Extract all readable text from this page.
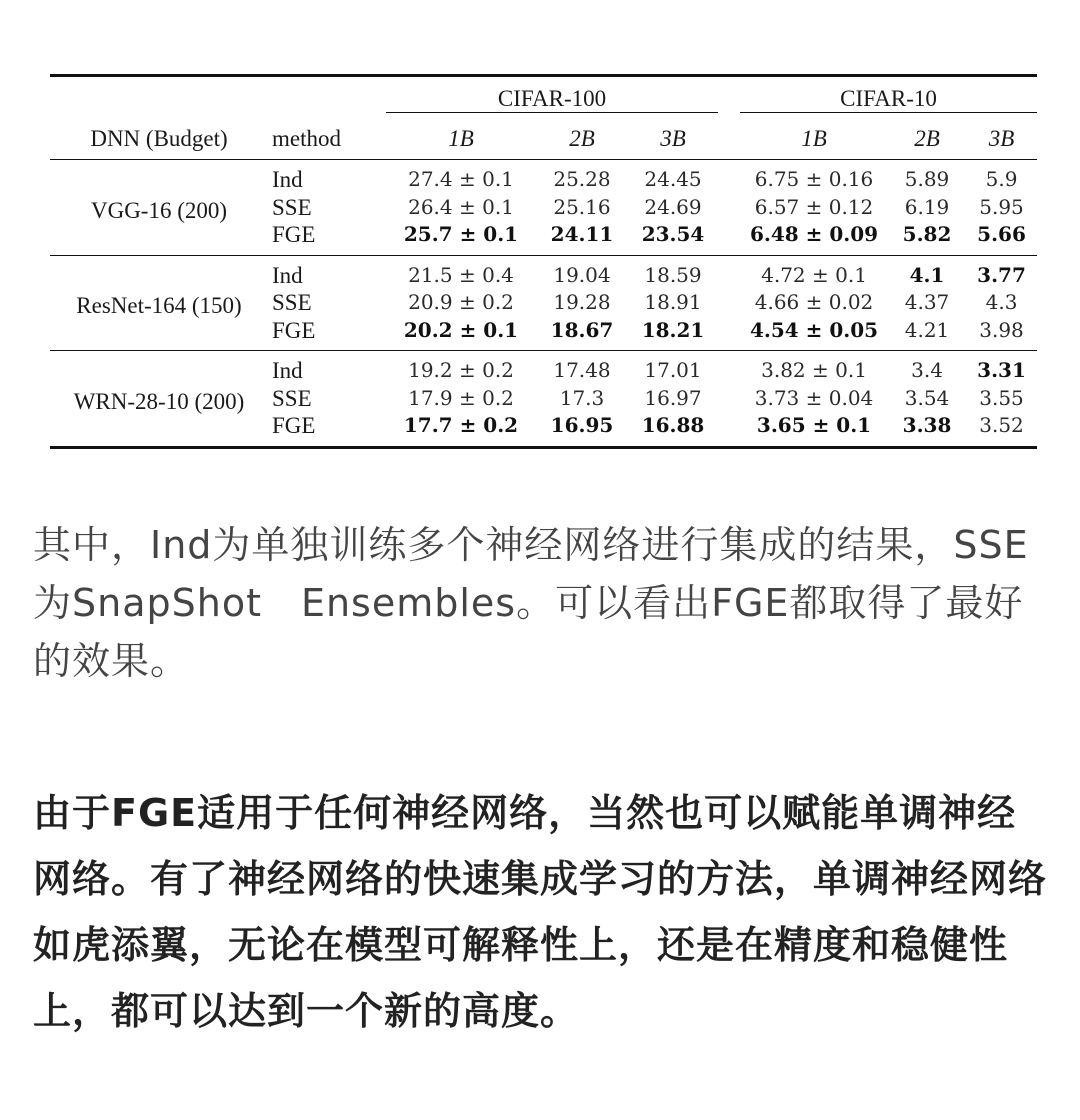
		CIFAR-100				CIFAR-10		

DNN (Budget)	method	1B	2B	3B		1B	2B	3B
VGG-16 (200)	Ind	27.4 ± 0.1	25.28	24.45		6.75 ± 0.16	5.89	5.9
	SSE	26.4 ± 0.1	25.16	24.69		6.57 ± 0.12	6.19	5.95
	FGE	25.7 ± 0.1	24.11	23.54		6.48 ± 0.09	5.82	5.66
ResNet-164 (150)	Ind	21.5 ± 0.4	19.04	18.59		4.72 ± 0.1	4.1	3.77
	SSE	20.9 ± 0.2	19.28	18.91		4.66 ± 0.02	4.37	4.3
	FGE	20.2 ± 0.1	18.67	18.21		4.54 ± 0.05	4.21	3.98
WRN-28-10 (200)	Ind	19.2 ± 0.2	17.48	17.01		3.82 ± 0.1	3.4	3.31
	SSE	17.9 ± 0.2	17.3	16.97		3.73 ± 0.04	3.54	3.55
	FGE	17.7 ± 0.2	16.95	16.88		3.65 ± 0.1	3.38	3.52

其中，Ind为单独训练多个神经网络进行集成的结果，SSE为SnapShot　Ensembles。可以看出FGE都取得了最好的效果。

由于FGE适用于任何神经网络，当然也可以赋能单调神经网络。有了神经网络的快速集成学习的方法，单调神经网络如虎添翼，无论在模型可解释性上，还是在精度和稳健性上，都可以达到一个新的高度。
